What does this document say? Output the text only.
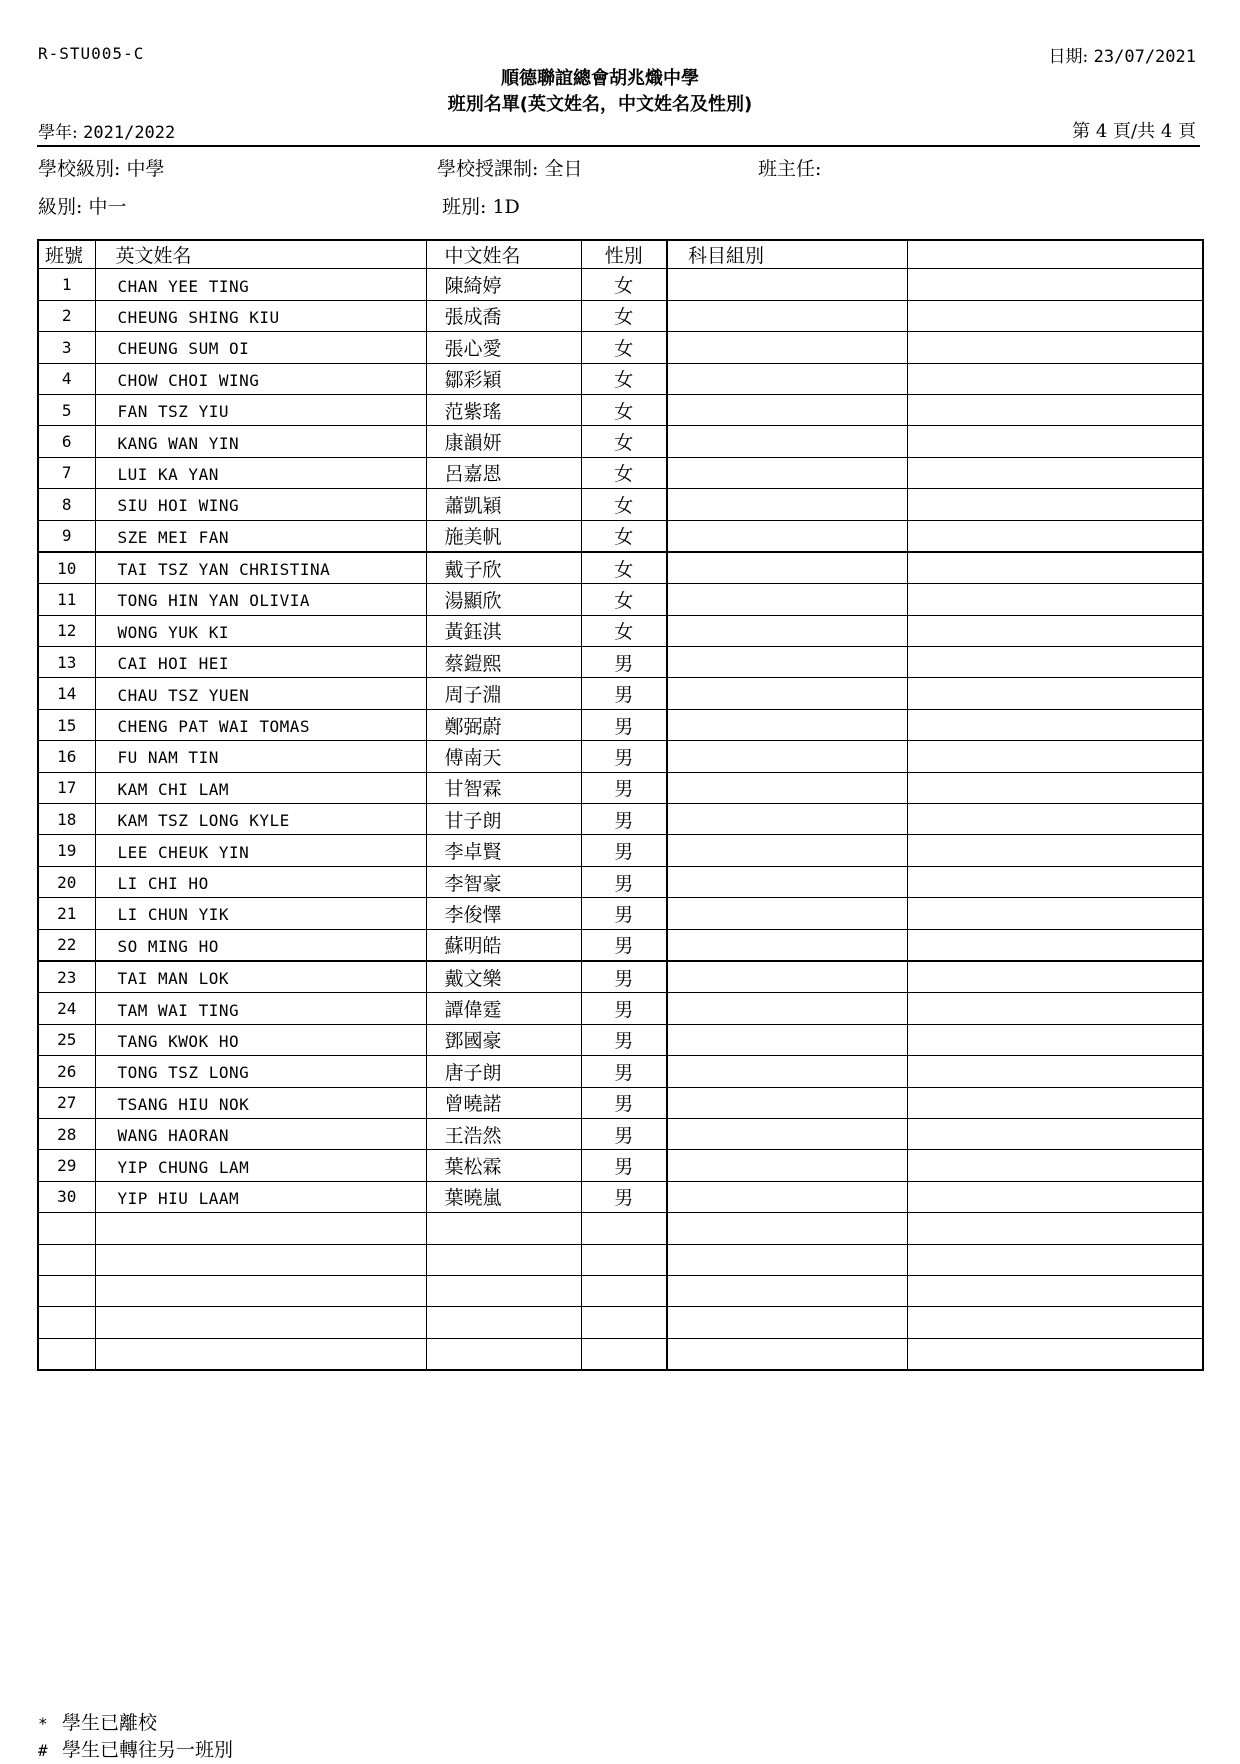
R-STU005-C	日期: 23/07/2021
順德聯誼總會胡兆熾中學
班別名單(英文姓名，中文姓名及性別)
學年: 2021/2022	第 4 頁/共 4 頁
學校級別: 中學	學校授課制: 全日	班主任:
級別: 中一	班別: 1D
班號	英文姓名	中文姓名	性別	科目組別	
1	CHAN YEE TING	陳綺婷	女		
2	CHEUNG SHING KIU	張成喬	女		
3	CHEUNG SUM OI	張心愛	女		
4	CHOW CHOI WING	鄒彩穎	女		
5	FAN TSZ YIU	范紫瑤	女		
6	KANG WAN YIN	康韻妍	女		
7	LUI KA YAN	呂嘉恩	女		
8	SIU HOI WING	蕭凱穎	女		
9	SZE MEI FAN	施美帆	女		
10	TAI TSZ YAN CHRISTINA	戴子欣	女		
11	TONG HIN YAN OLIVIA	湯顯欣	女		
12	WONG YUK KI	黃鈺淇	女		
13	CAI HOI HEI	蔡鎧熙	男		
14	CHAU TSZ YUEN	周子淵	男		
15	CHENG PAT WAI TOMAS	鄭弼蔚	男		
16	FU NAM TIN	傅南天	男		
17	KAM CHI LAM	甘智霖	男		
18	KAM TSZ LONG KYLE	甘子朗	男		
19	LEE CHEUK YIN	李卓賢	男		
20	LI CHI HO	李智豪	男		
21	LI CHUN YIK	李俊懌	男		
22	SO MING HO	蘇明皓	男		
23	TAI MAN LOK	戴文樂	男		
24	TAM WAI TING	譚偉霆	男		
25	TANG KWOK HO	鄧國豪	男		
26	TONG TSZ LONG	唐子朗	男		
27	TSANG HIU NOK	曾曉諾	男		
28	WANG HAORAN	王浩然	男		
29	YIP CHUNG LAM	葉松霖	男		
30	YIP HIU LAAM	葉曉嵐	男		

* 學生已離校
# 學生已轉往另一班別
